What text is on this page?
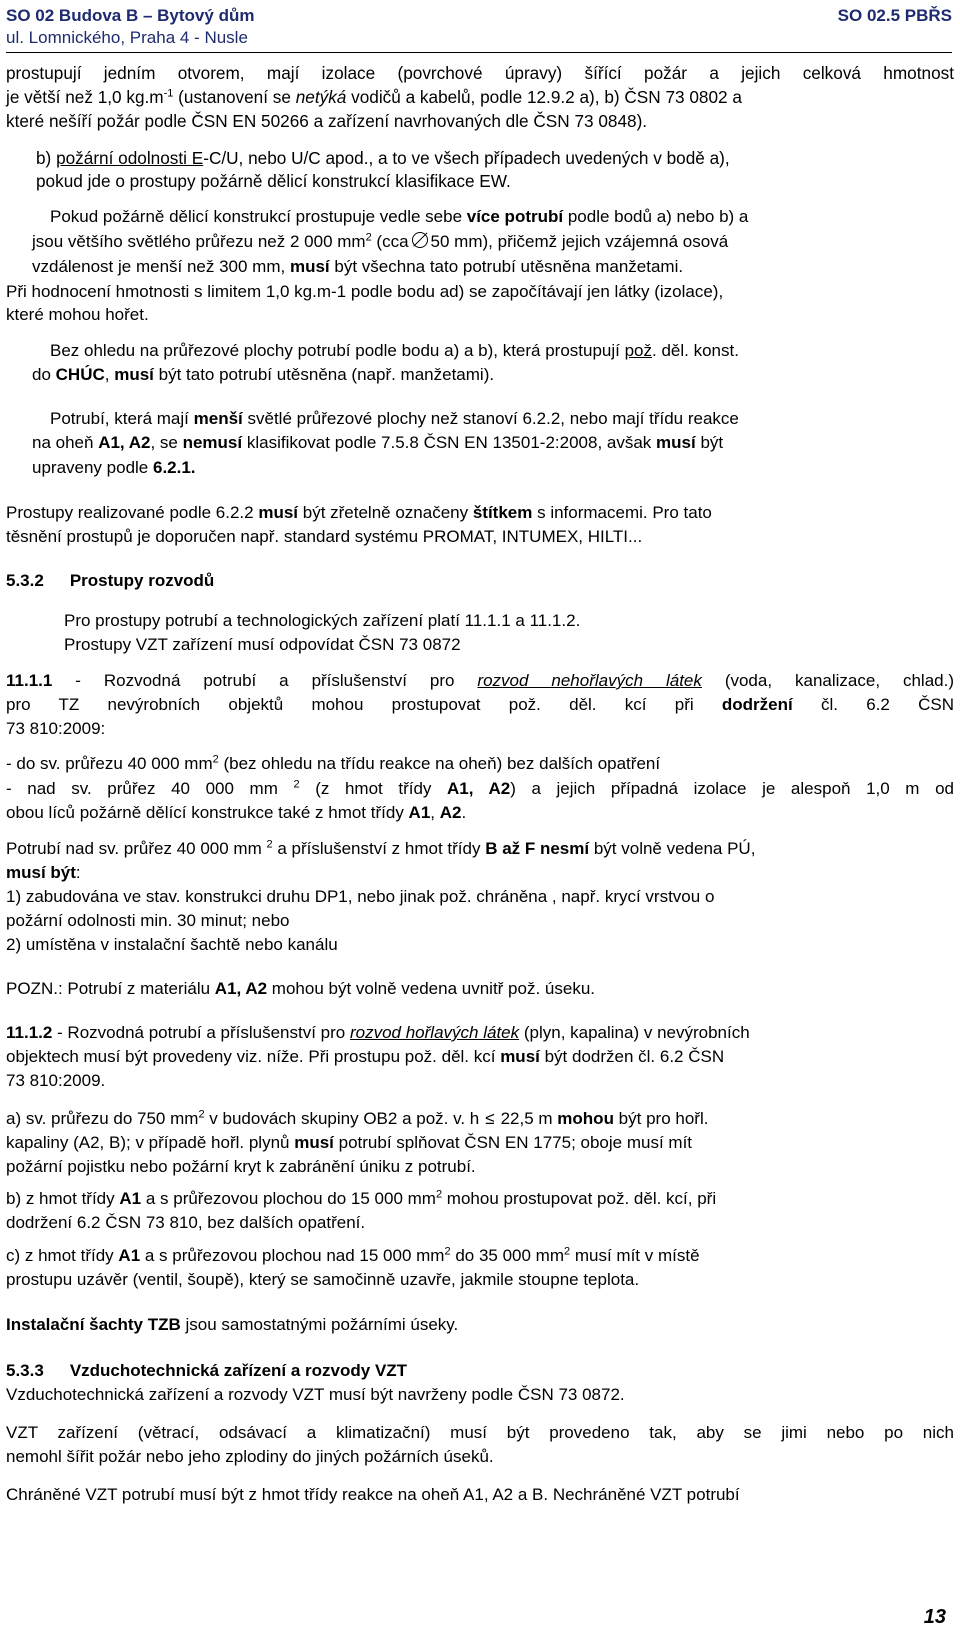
SO 02 Budova B – Bytový dům
ul. Lomnického, Praha 4 - Nusle
SO 02.5 PBŘS
prostupují jedním otvorem, mají izolace (povrchové úpravy) šířící požár a jejich celková hmotnost
je větší než 1,0 $kg.m^{-1}$ (ustanovení se netýká vodičů a kabelů, podle 12.9.2 a), b) ČSN 73 0802 a
které nešíří požár podle ČSN EN 50266 a zařízení navrhovaných dle ČSN 73 0848).
b) požární odolnosti E-C/U, nebo U/C apod., a to ve všech případech uvedených v bodě a),
pokud jde o prostupy požárně dělicí konstrukcí klasifikace EW.
Pokud požárně dělicí konstrukcí prostupuje vedle sebe více potrubí podle bodů a) nebo b) a
jsou většího světlého průřezu než 2 000 $mm^2$ (cca 50 mm), přičemž jejich vzájemná osová
vzdálenost je menší než 300 mm, musí být všechna tato potrubí utěsněna manžetami.
Při hodnocení hmotnosti s limitem 1,0 kg.m-1 podle bodu ad) se započítávají jen látky (izolace),
které mohou hořet.
Bez ohledu na průřezové plochy potrubí podle bodu a) a b), která prostupují pož. děl. konst.
do CHÚC, musí být tato potrubí utěsněna (např. manžetami).
Potrubí, která mají menší světlé průřezové plochy než stanoví 6.2.2, nebo mají třídu reakce
na oheň A1, A2, se nemusí klasifikovat podle 7.5.8 ČSN EN 13501-2:2008, avšak musí být
upraveny podle 6.2.1.
Prostupy realizované podle 6.2.2 musí být zřetelně označeny štítkem s informacemi. Pro tato
těsnění prostupů je doporučen např. standard systému PROMAT, INTUMEX, HILTI...
5.3.2 Prostupy rozvodů
Pro prostupy potrubí a technologických zařízení platí 11.1.1 a 11.1.2.
Prostupy VZT zařízení musí odpovídat ČSN 73 0872
11.1.1 - Rozvodná potrubí a příslušenství pro rozvod nehořlavých látek (voda, kanalizace, chlad.)
pro TZ nevýrobních objektů mohou prostupovat pož. děl. kcí při dodržení čl. 6.2 ČSN
73 810:2009:
- do sv. průřezu 40 000 $mm^2$ (bez ohledu na třídu reakce na oheň) bez dalších opatření
- nad sv. průřez 40 000 mm $^2$ (z hmot třídy A1, A2) a jejich případná izolace je alespoň 1,0 m od
obou líců požárně dělící konstrukce také z hmot třídy A1, A2.
Potrubí nad sv. průřez 40 000 mm $^2$ a příslušenství z hmot třídy B až F nesmí být volně vedena PÚ,
musí být:
1) zabudována ve stav. konstrukci druhu DP1, nebo jinak pož. chráněna , např. krycí vrstvou o
požární odolnosti min. 30 minut; nebo
2) umístěna v instalační šachtě nebo kanálu
POZN.: Potrubí z materiálu A1, A2 mohou být volně vedena uvnitř pož. úseku.
11.1.2 - Rozvodná potrubí a příslušenství pro rozvod hořlavých látek (plyn, kapalina) v nevýrobních
objektech musí být provedeny viz. níže. Při prostupu pož. děl. kcí musí být dodržen čl. 6.2 ČSN
73 810:2009.
a) sv. průřezu do 750 $mm^2$ v budovách skupiny OB2 a pož. v. h ≤ 22,5 m mohou být pro hořl.
kapaliny (A2, B); v případě hořl. plynů musí potrubí splňovat ČSN EN 1775; oboje musí mít
požární pojistku nebo požární kryt k zabránění úniku z potrubí.
b) z hmot třídy A1 a s průřezovou plochou do 15 000 $mm^2$ mohou prostupovat pož. děl. kcí, při
dodržení 6.2 ČSN 73 810, bez dalších opatření.
c) z hmot třídy A1 a s průřezovou plochou nad 15 000 $mm^2$ do 35 000 $mm^2$ musí mít v místě
prostupu uzávěr (ventil, šoupě), který se samočinně uzavře, jakmile stoupne teplota.
Instalační šachty TZB jsou samostatnými požárními úseky.
5.3.3 Vzduchotechnická zařízení a rozvody VZT
Vzduchotechnická zařízení a rozvody VZT musí být navrženy podle ČSN 73 0872.
VZT zařízení (větrací, odsávací a klimatizační) musí být provedeno tak, aby se jimi nebo po nich
nemohl šířit požár nebo jeho zplodiny do jiných požárních úseků.
Chráněné VZT potrubí musí být z hmot třídy reakce na oheň A1, A2 a B. Nechráněné VZT potrubí
13
